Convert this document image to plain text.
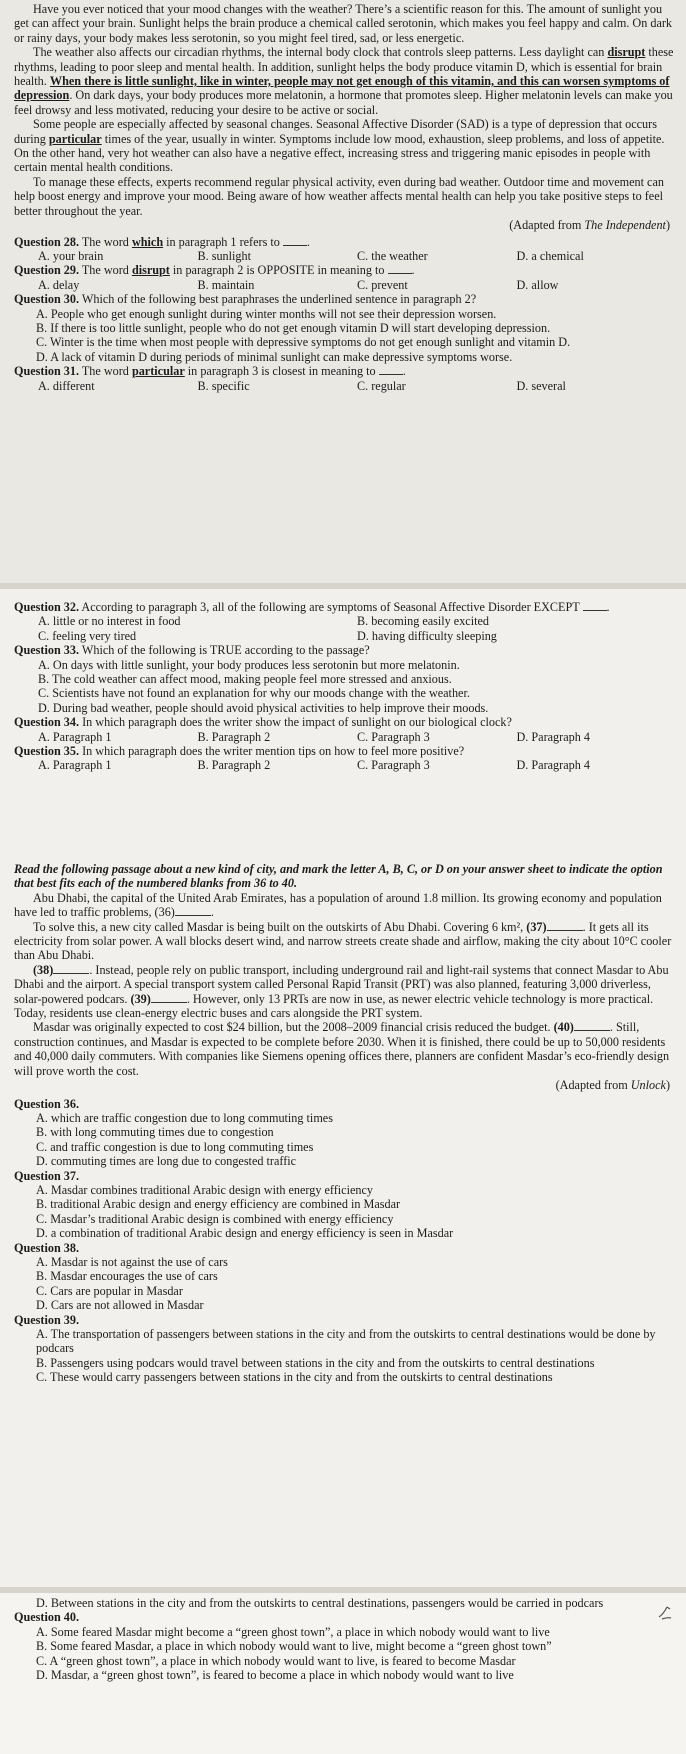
Have you ever noticed that your mood changes with the weather? There’s a scientific reason for this. The amount of sunlight you get can affect your brain. Sunlight helps the brain produce a chemical called serotonin, which makes you feel happy and calm. On dark or rainy days, your body makes less serotonin, so you might feel tired, sad, or less energetic.

The weather also affects our circadian rhythms, the internal body clock that controls sleep patterns. Less daylight can disrupt these rhythms, leading to poor sleep and mental health. In addition, sunlight helps the body produce vitamin D, which is essential for brain health. When there is little sunlight, like in winter, people may not get enough of this vitamin, and this can worsen symptoms of depression. On dark days, your body produces more melatonin, a hormone that promotes sleep. Higher melatonin levels can make you feel drowsy and less motivated, reducing your desire to be active or social.

Some people are especially affected by seasonal changes. Seasonal Affective Disorder (SAD) is a type of depression that occurs during particular times of the year, usually in winter. Symptoms include low mood, exhaustion, sleep problems, and loss of appetite. On the other hand, very hot weather can also have a negative effect, increasing stress and triggering manic episodes in people with certain mental health conditions.

To manage these effects, experts recommend regular physical activity, even during bad weather. Outdoor time and movement can help boost energy and improve your mood. Being aware of how weather affects mental health can help you take positive steps to feel better throughout the year.

(Adapted from The Independent)

Question 28. The word which in paragraph 1 refers to .

A. your brain	B. sunlight	C. the weather	D. a chemical

Question 29. The word disrupt in paragraph 2 is OPPOSITE in meaning to .

A. delay	B. maintain	C. prevent	D. allow

Question 30. Which of the following best paraphrases the underlined sentence in paragraph 2?

A. People who get enough sunlight during winter months will not see their depression worsen.

B. If there is too little sunlight, people who do not get enough vitamin D will start developing depression.

C. Winter is the time when most people with depressive symptoms do not get enough sunlight and vitamin D.

D. A lack of vitamin D during periods of minimal sunlight can make depressive symptoms worse.

Question 31. The word particular in paragraph 3 is closest in meaning to .

A. different	B. specific	C. regular	D. several

Question 32. According to paragraph 3, all of the following are symptoms of Seasonal Affective Disorder EXCEPT .

A. little or no interest in food	B. becoming easily excited
C. feeling very tired	D. having difficulty sleeping

Question 33. Which of the following is TRUE according to the passage?

A. On days with little sunlight, your body produces less serotonin but more melatonin.

B. The cold weather can affect mood, making people feel more stressed and anxious.

C. Scientists have not found an explanation for why our moods change with the weather.

D. During bad weather, people should avoid physical activities to help improve their moods.

Question 34. In which paragraph does the writer show the impact of sunlight on our biological clock?

A. Paragraph 1	B. Paragraph 2	C. Paragraph 3	D. Paragraph 4

Question 35. In which paragraph does the writer mention tips on how to feel more positive?

A. Paragraph 1	B. Paragraph 2	C. Paragraph 3	D. Paragraph 4

Read the following passage about a new kind of city, and mark the letter A, B, C, or D on your answer sheet to indicate the option that best fits each of the numbered blanks from 36 to 40.

Abu Dhabi, the capital of the United Arab Emirates, has a population of around 1.8 million. Its growing economy and population have led to traffic problems, (36)	.

To solve this, a new city called Masdar is being built on the outskirts of Abu Dhabi. Covering 6 km², (37)	. It gets all its electricity from solar power. A wall blocks desert wind, and narrow streets create shade and airflow, making the city about 10°C cooler than Abu Dhabi.

(38)	. Instead, people rely on public transport, including underground rail and light-rail systems that connect Masdar to Abu Dhabi and the airport. A special transport system called Personal Rapid Transit (PRT) was also planned, featuring 3,000 driverless, solar-powered podcars. (39)	. However, only 13 PRTs are now in use, as newer electric vehicle technology is more practical. Today, residents use clean-energy electric buses and cars alongside the PRT system.

Masdar was originally expected to cost $24 billion, but the 2008–2009 financial crisis reduced the budget. (40)	. Still, construction continues, and Masdar is expected to be complete before 2030. When it is finished, there could be up to 50,000 residents and 40,000 daily commuters. With companies like Siemens opening offices there, planners are confident Masdar’s eco-friendly design will prove worth the cost.

(Adapted from Unlock)

Question 36.

A. which are traffic congestion due to long commuting times

B. with long commuting times due to congestion

C. and traffic congestion is due to long commuting times

D. commuting times are long due to congested traffic

Question 37.

A. Masdar combines traditional Arabic design with energy efficiency

B. traditional Arabic design and energy efficiency are combined in Masdar

C. Masdar’s traditional Arabic design is combined with energy efficiency

D. a combination of traditional Arabic design and energy efficiency is seen in Masdar

Question 38.

A. Masdar is not against the use of cars

B. Masdar encourages the use of cars

C. Cars are popular in Masdar

D. Cars are not allowed in Masdar

Question 39.

A. The transportation of passengers between stations in the city and from the outskirts to central destinations would be done by podcars

B. Passengers using podcars would travel between stations in the city and from the outskirts to central destinations

C. These would carry passengers between stations in the city and from the outskirts to central destinations

D. Between stations in the city and from the outskirts to central destinations, passengers would be carried in podcars

Question 40.

A. Some feared Masdar might become a “green ghost town”, a place in which nobody would want to live

B. Some feared Masdar, a place in which nobody would want to live, might become a “green ghost town”

C. A “green ghost town”, a place in which nobody would want to live, is feared to become Masdar

D. Masdar, a “green ghost town”, is feared to become a place in which nobody would want to live
